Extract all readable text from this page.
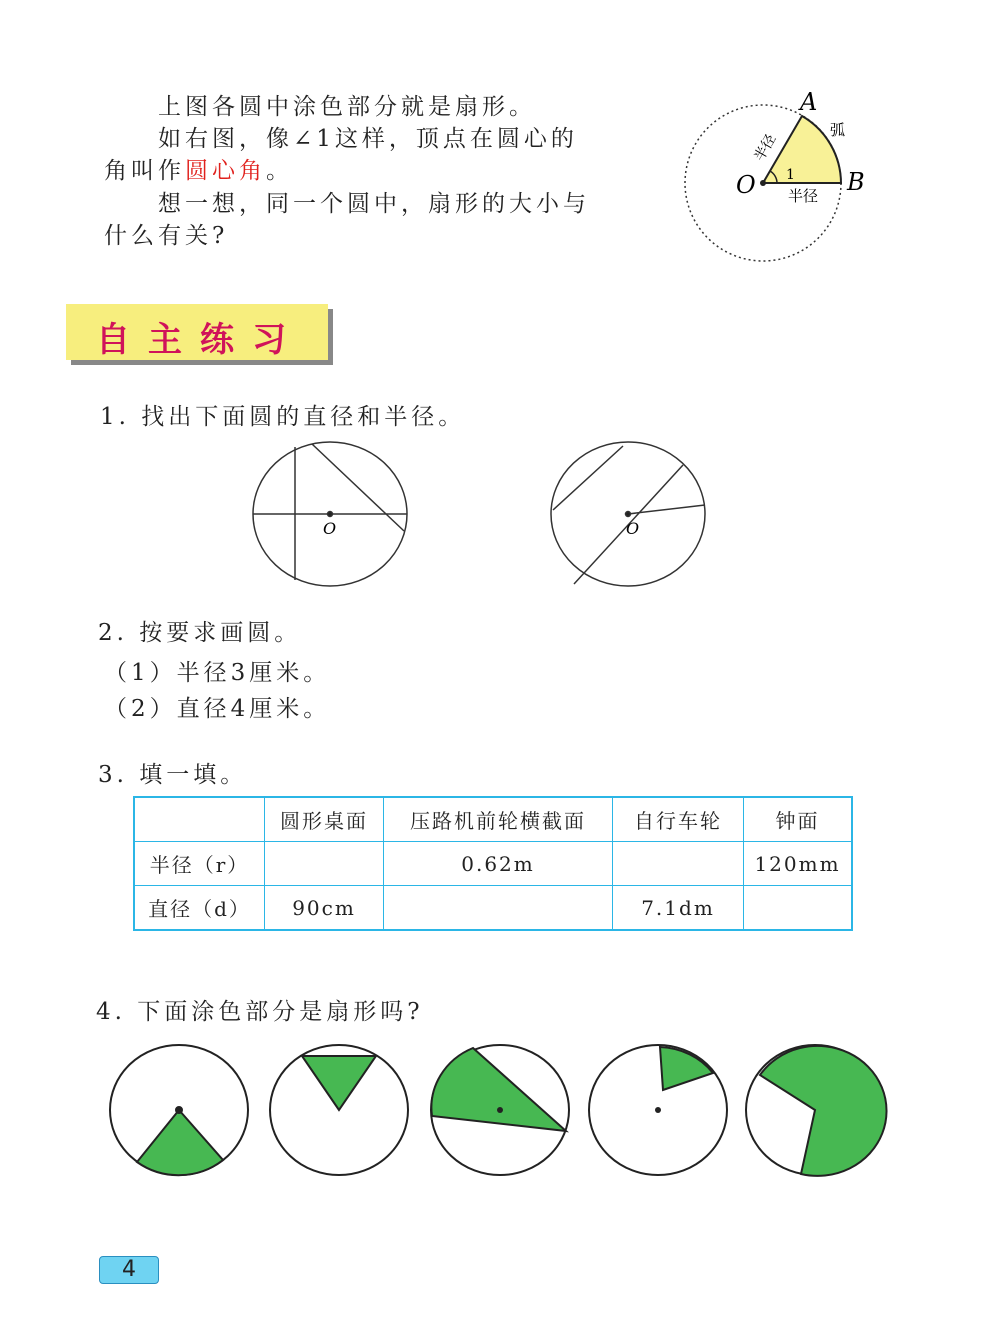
上图各圆中涂色部分就是扇形。
如右图，像∠1这样，顶点在圆心的
角叫作圆心角。
想一想，同一个圆中，扇形的大小与
什么有关?
A
B
O 1
弧
半径
半径
O	O
自主练习
1. 找出下面圆的直径和半径。
2. 按要求画圆。
（1）半径3厘米。
（2）直径4厘米。
3. 填一填。
	圆形桌面	压路机前轮横截面	自行车轮	钟面
半径（r）		0.62m		120mm
直径（d）	90cm		7.1dm	
4. 下面涂色部分是扇形吗?
4
